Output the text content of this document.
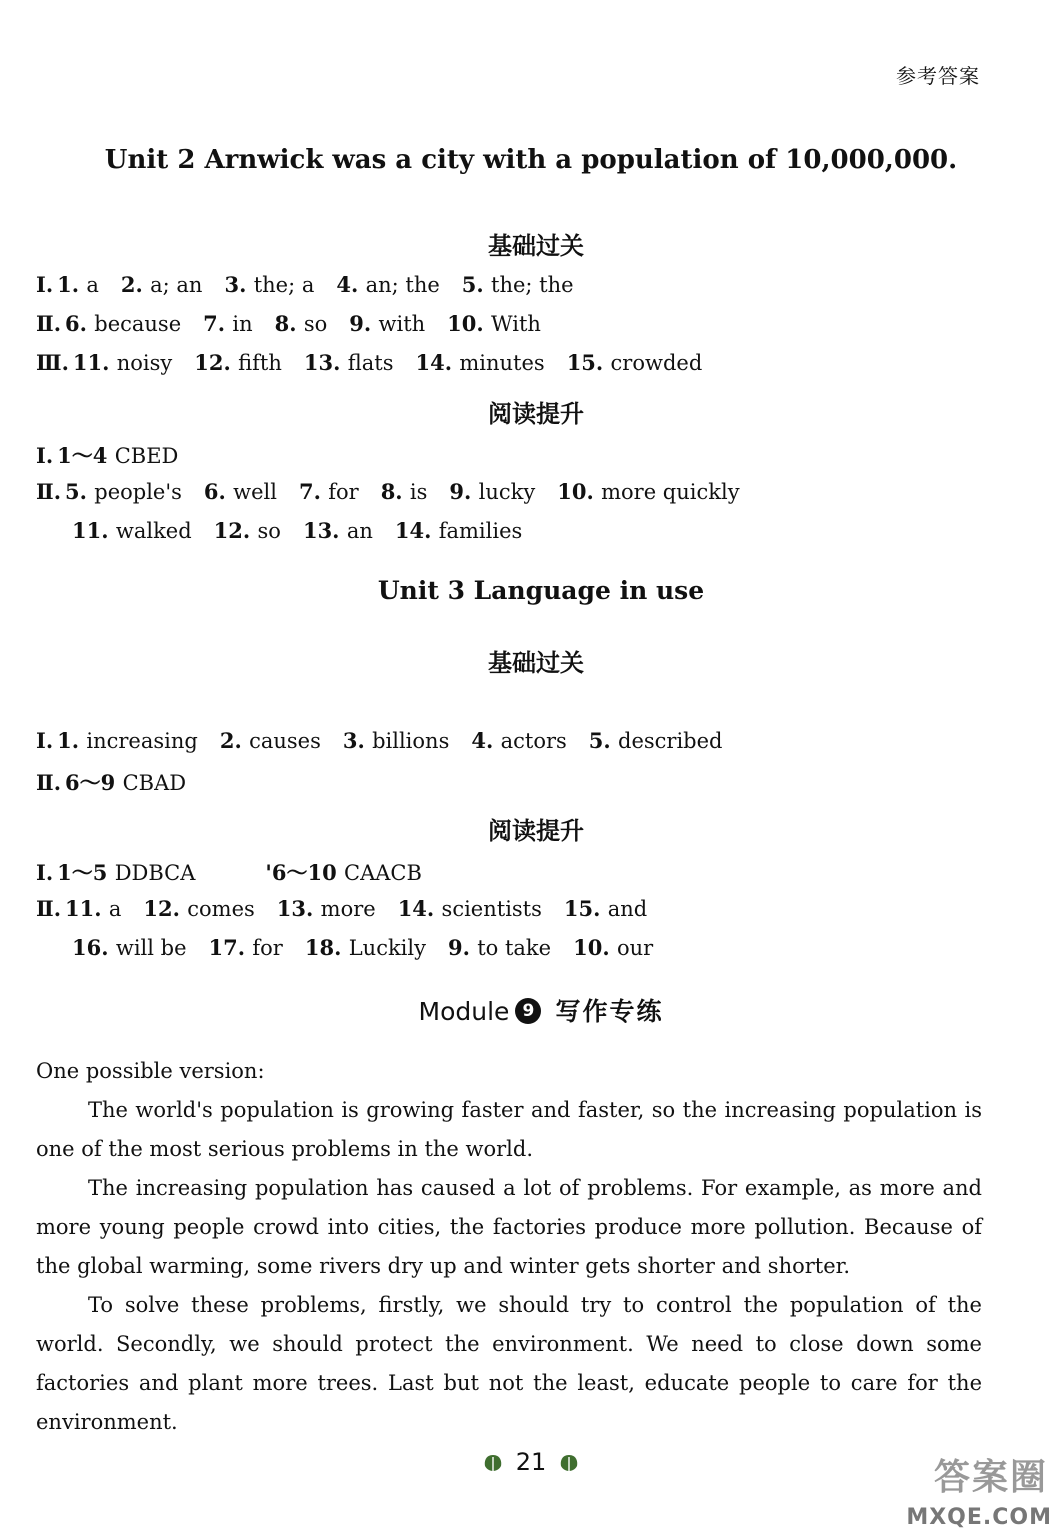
参考答案
Unit 2 Arnwick was a city with a population of 10,000,000.
基础过关
Ⅰ. 1. a 2. a; an 3. the; a 4. an; the 5. the; the
Ⅱ. 6. because 7. in 8. so 9. with 10. With
Ⅲ. 11. noisy 12. fifth 13. flats 14. minutes 15. crowded
阅读提升
Ⅰ. 1～4 CBED
Ⅱ. 5. people's 6. well 7. for 8. is 9. lucky 10. more quickly
11. walked 12. so 13. an 14. families
Unit 3 Language in use
基础过关
Ⅰ. 1. increasing 2. causes 3. billions 4. actors 5. described
Ⅱ. 6～9 CBAD
阅读提升
Ⅰ. 1～5 DDBCA	'6～10 CAACB
Ⅱ. 11. a 12. comes 13. more 14. scientists 15. and
16. will be 17. for 18. Luckily 9. to take 10. our
Module 9 写作专练

One possible version:

The world's population is growing faster and faster, so the increasing population is one of the most serious problems in the world.

The increasing population has caused a lot of problems. For example, as more and more young people crowd into cities, the factories produce more pollution. Because of the global warming, some rivers dry up and winter gets shorter and shorter.

To solve these problems, firstly, we should try to control the population of the world. Secondly, we should protect the environment. We need to close down some factories and plant more trees. Last but not the least, educate people to care for the environment.

21	答案圈
MXQE.COM
